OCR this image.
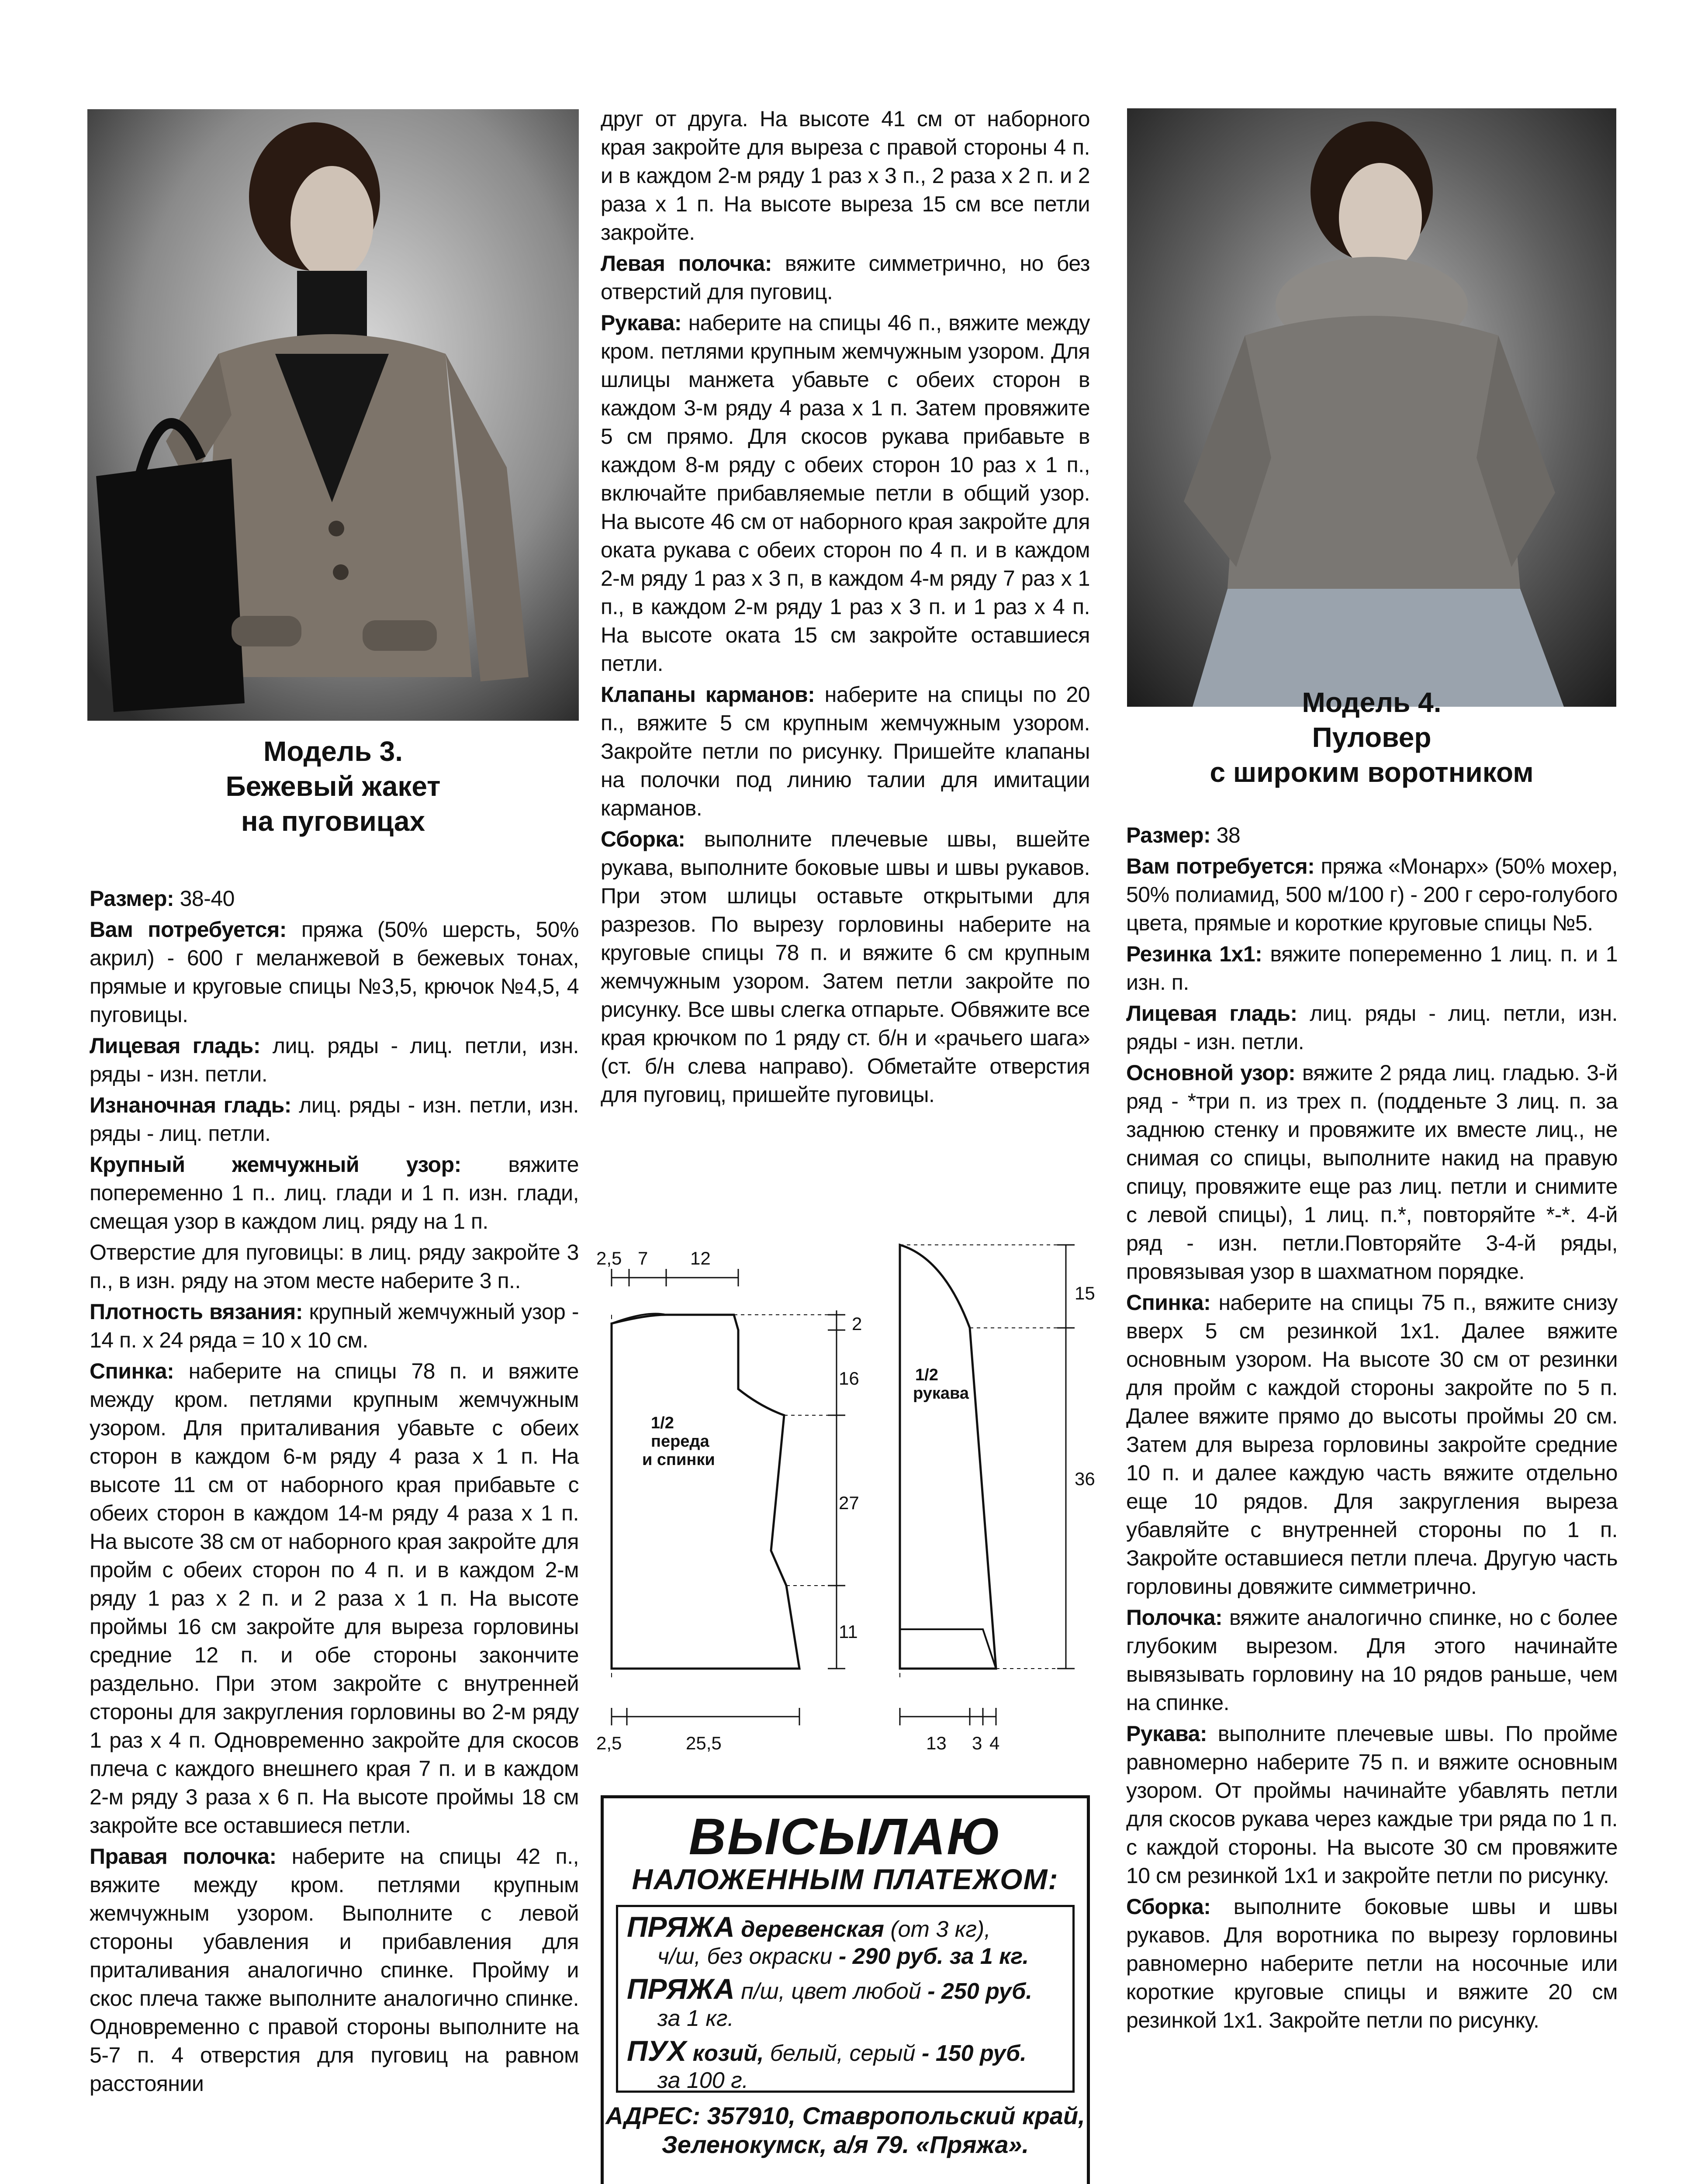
Модель 3.
Бежевый жакет
на пуговицах

Размер: 38-40

Вам потребуется: пряжа (50% шерсть, 50% акрил) - 600 г меланжевой в бежевых тонах, прямые и круговые спицы №3,5, крючок №4,5, 4 пуговицы.

Лицевая гладь: лиц. ряды - лиц. петли, изн. ряды - изн. петли.

Изнаночная гладь: лиц. ряды - изн. петли, изн. ряды - лиц. петли.

Крупный жемчужный узор: вяжите попеременно 1 п.. лиц. глади и 1 п. изн. глади, смещая узор в каждом лиц. ряду на 1 п.

Отверстие для пуговицы: в лиц. ряду закройте 3 п., в изн. ряду на этом месте наберите 3 п..

Плотность вязания: крупный жемчужный узор - 14 п. х 24 ряда = 10 х 10 см.

Спинка: наберите на спицы 78 п. и вяжите между кром. петлями крупным жемчужным узором. Для приталивания убавьте с обеих сторон в каждом 6-м ряду 4 раза х 1 п. На высоте 11 см от наборного края прибавьте с обеих сторон в каждом 14-м ряду 4 раза х 1 п. На высоте 38 см от наборного края закройте для пройм с обеих сторон по 4 п. и в каждом 2-м ряду 1 раз х 2 п. и 2 раза х 1 п. На высоте проймы 16 см закройте для выреза горловины средние 12 п. и обе стороны закончите раздельно. При этом закройте с внутренней стороны для закругления горловины во 2-м ряду 1 раз х 4 п. Одновременно закройте для скосов плеча с каждого внешнего края 7 п. и в каждом 2-м ряду 3 раза х 6 п. На высоте проймы 18 см закройте все оставшиеся петли.

Правая полочка: наберите на спицы 42 п., вяжите между кром. петлями крупным жемчужным узором. Выполните с левой стороны убавления и прибавления для приталивания аналогично спинке. Пройму и скос плеча также выполните аналогично спинке. Одновременно с правой стороны выполните на 5-7 п. 4 отверстия для пуговиц на равном расстоянии

друг от друга. На высоте 41 см от наборного края закройте для выреза с правой стороны 4 п. и в каждом 2-м ряду 1 раз х 3 п., 2 раза х 2 п. и 2 раза х 1 п. На высоте выреза 15 см все петли закройте.

Левая полочка: вяжите симметрично, но без отверстий для пуговиц.

Рукава: наберите на спицы 46 п., вяжите между кром. петлями крупным жемчужным узором. Для шлицы манжета убавьте с обеих сторон в каждом 3-м ряду 4 раза х 1 п. Затем провяжите 5 см прямо. Для скосов рукава прибавьте в каждом 8-м ряду с обеих сторон 10 раз х 1 п., включайте прибавляемые петли в общий узор. На высоте 46 см от наборного края закройте для оката рукава с обеих сторон по 4 п. и в каждом 2-м ряду 1 раз х 3 п, в каждом 4-м ряду 7 раз х 1 п., в каждом 2-м ряду 1 раз х 3 п. и 1 раз х 4 п. На высоте оката 15 см закройте оставшиеся петли.

Клапаны карманов: наберите на спицы по 20 п., вяжите 5 см крупным жемчужным узором. Закройте петли по рисунку. Пришейте клапаны на полочки под линию талии для имитации карманов.

Сборка: выполните плечевые швы, вшейте рукава, выполните боковые швы и швы рукавов. При этом шлицы оставьте открытыми для разрезов. По вырезу горловины наберите на круговые спицы 78 п. и вяжите 6 см крупным жемчужным узором. Затем петли закройте по рисунку. Все швы слегка отпарьте. Обвяжите все края крючком по 1 ряду ст. б/н и «рачьего шага» (ст. б/н слева направо). Обметайте отверстия для пуговиц, пришейте пуговицы.

2,5 7 12
2
16
27
11
2,5	25,5
15
36
13 3 4
1/2
переда
и спинки
1/2
рукава
ВЫСЫЛАЮ
НАЛОЖЕННЫМ ПЛАТЕЖОМ:
ПРЯЖА деревенская (от 3 кг),
ч/ш, без окраски - 290 руб. за 1 кг.
ПРЯЖА п/ш, цвет любой - 250 руб.
за 1 кг.
ПУХ козий, белый, серый - 150 руб.
за 100 г.
АДРЕС: 357910, Ставропольский край,
Зеленокумск, а/я 79. «Пряжа».
Модель 4.
Пуловер
с широким воротником

Размер: 38

Вам потребуется: пряжа «Монарх» (50% мохер, 50% полиамид, 500 м/100 г) - 200 г серо-голубого цвета, прямые и короткие круговые спицы №5.

Резинка 1х1: вяжите попеременно 1 лиц. п. и 1 изн. п.

Лицевая гладь: лиц. ряды - лиц. петли, изн. ряды - изн. петли.

Основной узор: вяжите 2 ряда лиц. гладью. 3-й ряд - *три п. из трех п. (подденьте 3 лиц. п. за заднюю стенку и провяжите их вместе лиц., не снимая со спицы, выполните накид на правую спицу, провяжите еще раз лиц. петли и снимите с левой спицы), 1 лиц. п.*, повторяйте *-*. 4-й ряд - изн. петли.Повторяйте 3-4-й ряды, провязывая узор в шахматном порядке.

Спинка: наберите на спицы 75 п., вяжите снизу вверх 5 см резинкой 1х1. Далее вяжите основным узором. На высоте 30 см от резинки для пройм с каждой стороны закройте по 5 п. Далее вяжите прямо до высоты проймы 20 см. Затем для выреза горловины закройте средние 10 п. и далее каждую часть вяжите отдельно еще 10 рядов. Для закругления выреза убавляйте с внутренней стороны по 1 п. Закройте оставшиеся петли плеча. Другую часть горловины довяжите симметрично.

Полочка: вяжите аналогично спинке, но с более глубоким вырезом. Для этого начинайте вывязывать горловину на 10 рядов раньше, чем на спинке.

Рукава: выполните плечевые швы. По пройме равномерно наберите 75 п. и вяжите основным узором. От проймы начинайте убавлять петли для скосов рукава через каждые три ряда по 1 п. с каждой стороны. На высоте 30 см провяжите 10 см резинкой 1х1 и закройте петли по рисунку.

Сборка: выполните боковые швы и швы рукавов. Для воротника по вырезу горловины равномерно наберите петли на носочные или короткие круговые спицы и вяжите 20 см резинкой 1х1. Закройте петли по рисунку.
